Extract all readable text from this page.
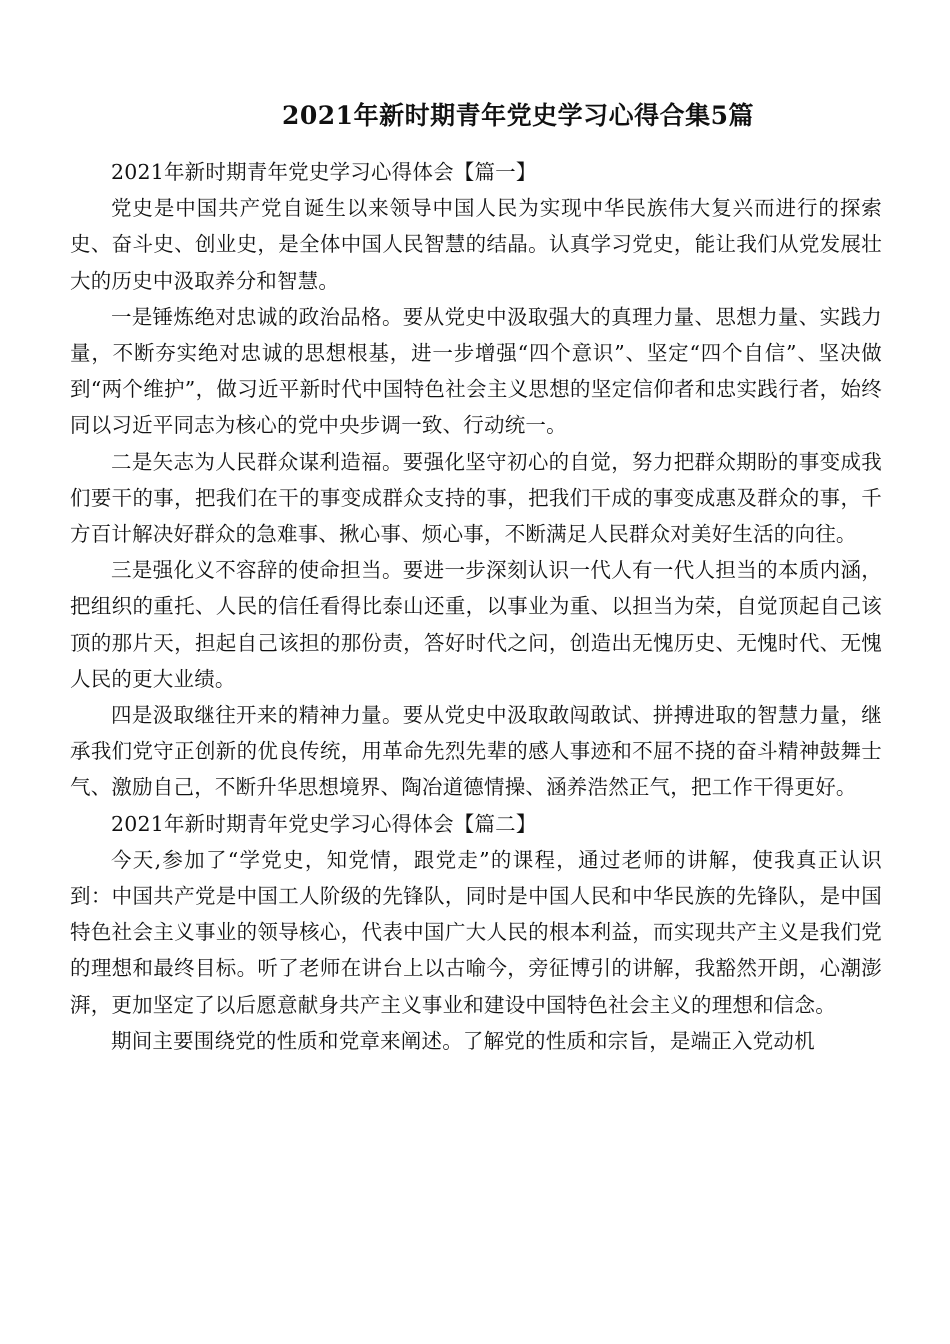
2021年新时期青年党史学习心得合集5篇

2021年新时期青年党史学习心得体会【篇一】

党史是中国共产党自诞生以来领导中国人民为实现中华民族伟大复兴而进行的探索史、奋斗史、创业史，是全体中国人民智慧的结晶。认真学习党史，能让我们从党发展壮大的历史中汲取养分和智慧。

一是锤炼绝对忠诚的政治品格。要从党史中汲取强大的真理力量、思想力量、实践力量，不断夯实绝对忠诚的思想根基，进一步增强“四个意识”、坚定“四个自信”、坚决做到“两个维护”，做习近平新时代中国特色社会主义思想的坚定信仰者和忠实践行者，始终同以习近平同志为核心的党中央步调一致、行动统一。

二是矢志为人民群众谋利造福。要强化坚守初心的自觉，努力把群众期盼的事变成我们要干的事，把我们在干的事变成群众支持的事，把我们干成的事变成惠及群众的事，千方百计解决好群众的急难事、揪心事、烦心事，不断满足人民群众对美好生活的向往。

三是强化义不容辞的使命担当。要进一步深刻认识一代人有一代人担当的本质内涵，把组织的重托、人民的信任看得比泰山还重，以事业为重、以担当为荣，自觉顶起自己该顶的那片天，担起自己该担的那份责，答好时代之问，创造出无愧历史、无愧时代、无愧人民的更大业绩。

四是汲取继往开来的精神力量。要从党史中汲取敢闯敢试、拼搏进取的智慧力量，继承我们党守正创新的优良传统，用革命先烈先辈的感人事迹和不屈不挠的奋斗精神鼓舞士气、激励自己，不断升华思想境界、陶冶道德情操、涵养浩然正气，把工作干得更好。

2021年新时期青年党史学习心得体会【篇二】

今天,参加了“学党史，知党情，跟党走”的课程，通过老师的讲解，使我真正认识到：中国共产党是中国工人阶级的先锋队，同时是中国人民和中华民族的先锋队，是中国特色社会主义事业的领导核心，代表中国广大人民的根本利益，而实现共产主义是我们党的理想和最终目标。听了老师在讲台上以古喻今，旁征博引的讲解，我豁然开朗，心潮澎湃，更加坚定了以后愿意献身共产主义事业和建设中国特色社会主义的理想和信念。

期间主要围绕党的性质和党章来阐述。了解党的性质和宗旨，是端正入党动机
